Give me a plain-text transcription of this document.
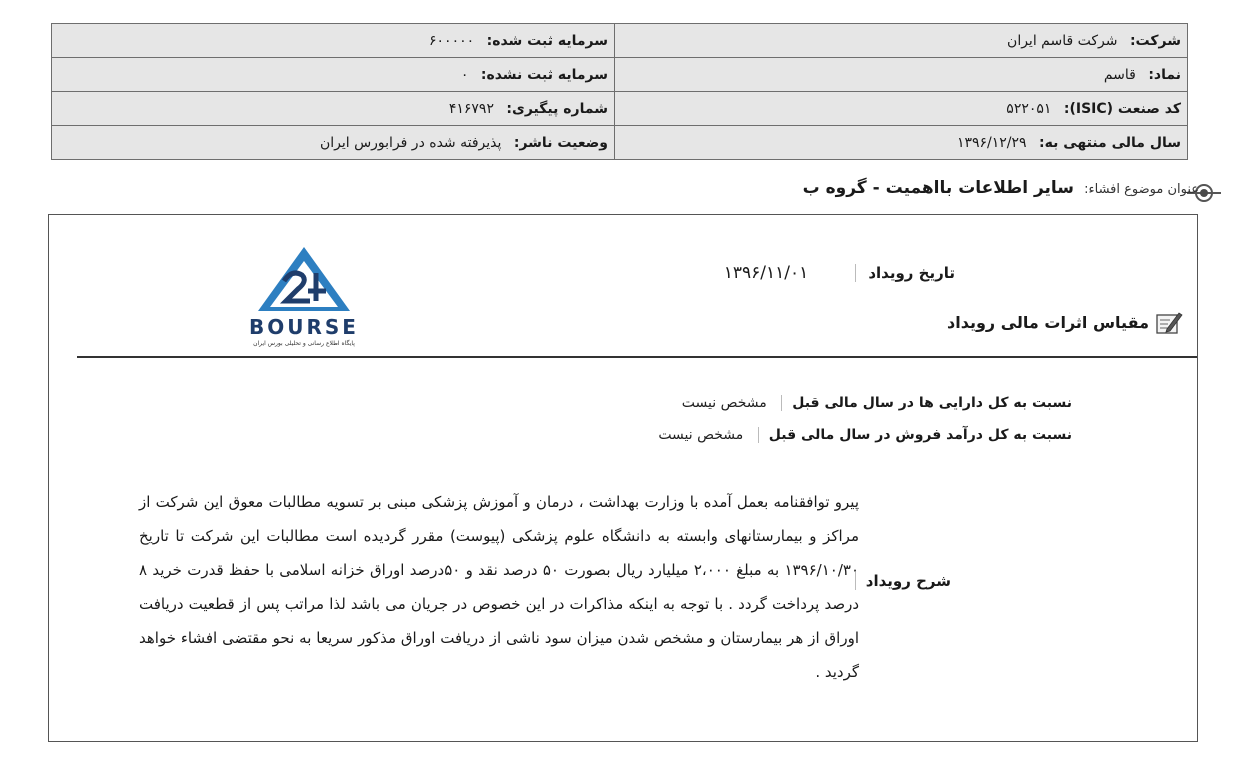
شرکت: شرکت قاسم ایران	سرمایه ثبت شده: ۶۰۰۰۰۰
نماد: قاسم	سرمایه ثبت نشده: ۰
کد صنعت (ISIC): ۵۲۲۰۵۱	شماره پیگیری: ۴۱۶۷۹۲
سال مالی منتهی به: ۱۳۹۶/۱۲/۲۹	وضعیت ناشر: پذیرفته شده در فرابورس ایران
عنوان موضوع افشاء: سایر اطلاعات بااهمیت - گروه ب
تاریخ رویداد ۱۳۹۶/۱۱/۰۱
مقیاس اثرات مالی رویداد
BOURSE
پایگاه اطلاع رسانی و تحلیلی بورس ایران
نسبت به کل دارایی ها در سال مالی قبل مشخص نیست
نسبت به کل درآمد فروش در سال مالی قبل مشخص نیست
شرح رویداد
پیرو توافقنامه بعمل آمده با وزارت بهداشت ، درمان و آموزش پزشکی مبنی بر تسویه مطالبات معوق این شرکت از مراکز و بیمارستانهای وابسته به دانشگاه علوم پزشکی (پیوست) مقرر گردیده است مطالبات این شرکت تا تاریخ ۱۳۹۶/۱۰/۳۰ به مبلغ ۲،۰۰۰ میلیارد ریال بصورت ۵۰ درصد نقد و ۵۰درصد اوراق خزانه اسلامی با حفظ قدرت خرید ۸ درصد پرداخت گردد . با توجه به اینکه مذاکرات در این خصوص در جریان می باشد لذا مراتب پس از قطعیت دریافت اوراق از هر بیمارستان و مشخص شدن میزان سود ناشی از دریافت اوراق مذکور سریعا به نحو مقتضی افشاء خواهد گردید .
